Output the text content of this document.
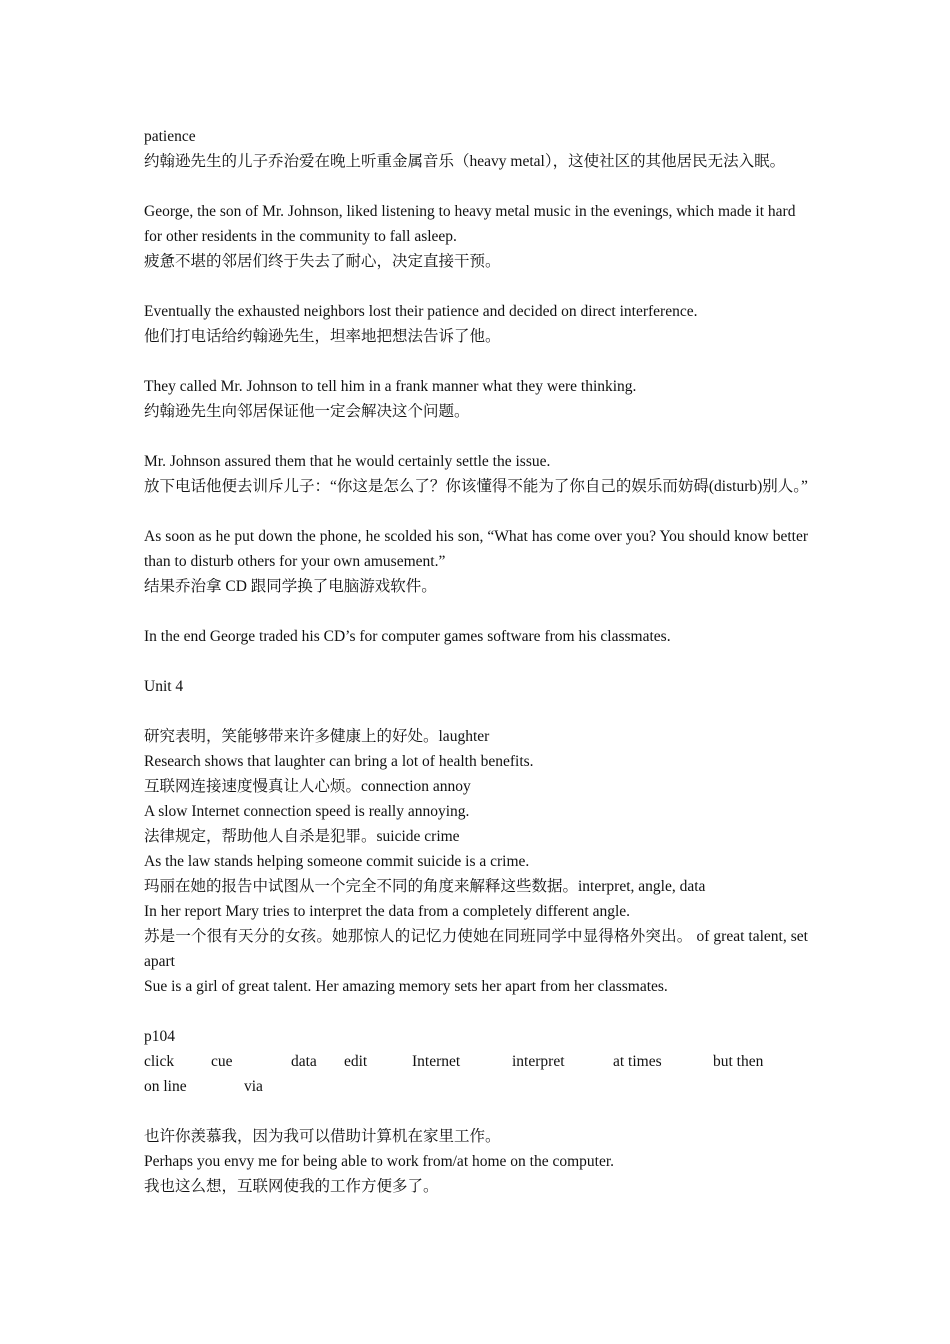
patience
约翰逊先生的儿子乔治爱在晚上听重金属音乐（heavy metal），这使社区的其他居民无法入眠。
George, the son of Mr. Johnson, liked listening to heavy metal music in the evenings, which made it hard for other residents in the community to fall asleep.
疲惫不堪的邻居们终于失去了耐心，决定直接干预。
Eventually the exhausted neighbors lost their patience and decided on direct interference.
他们打电话给约翰逊先生，坦率地把想法告诉了他。
They called Mr. Johnson to tell him in a frank manner what they were thinking.
约翰逊先生向邻居保证他一定会解决这个问题。
Mr. Johnson assured them that he would certainly settle the issue.
放下电话他便去训斥儿子：“你这是怎么了？你该懂得不能为了你自己的娱乐而妨碍(disturb)别人。”
As soon as he put down the phone, he scolded his son, “What has come over you? You should know better than to disturb others for your own amusement.”
结果乔治拿 CD 跟同学换了电脑游戏软件。
In the end George traded his CD’s for computer games software from his classmates.
Unit 4
研究表明，笑能够带来许多健康上的好处。laughter
Research shows that laughter can bring a lot of health benefits.
互联网连接速度慢真让人心烦。connection annoy
A slow Internet connection speed is really annoying.
法律规定，帮助他人自杀是犯罪。suicide crime
As the law stands helping someone commit suicide is a crime.
玛丽在她的报告中试图从一个完全不同的角度来解释这些数据。interpret, angle, data
In her report Mary tries to interpret the data from a completely different angle.
苏是一个很有天分的女孩。她那惊人的记忆力使她在同班同学中显得格外突出。 of great talent, set apart
Sue is a girl of great talent. Her amazing memory sets her apart from her classmates.
p104
click	cue	data	edit	Internet	interpret	at times	but then
on line	via
也许你羡慕我，因为我可以借助计算机在家里工作。
Perhaps you envy me for being able to work from/at home on the computer.
我也这么想，互联网使我的工作方便多了。
